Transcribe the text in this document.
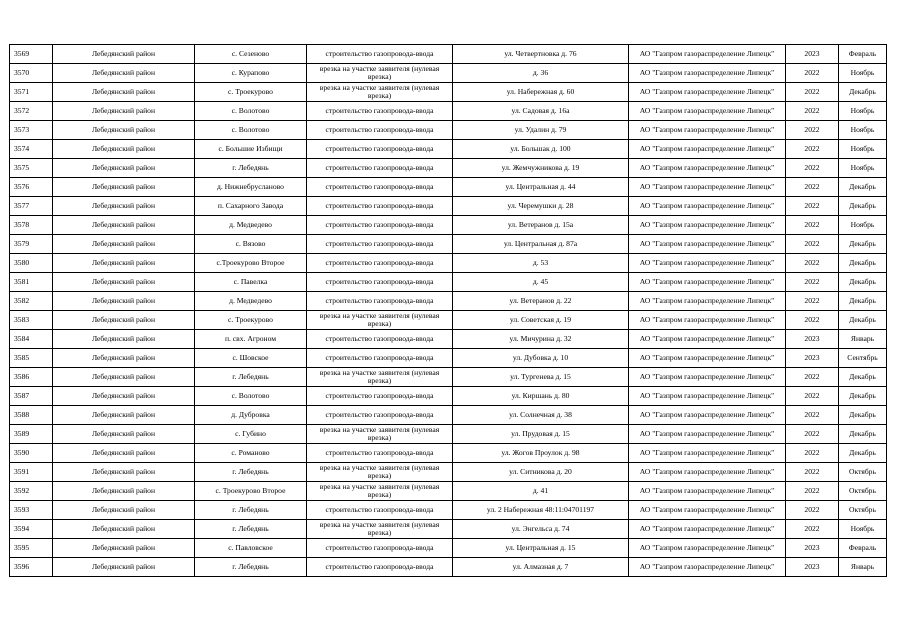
3569	Лебедянский район	с. Сезеново	строительство газопровода-ввода	ул. Четвертновка д. 76	АО "Газпром газораспределение Липецк"	2023	Февраль
3570	Лебедянский район	с. Курапово	врезка на участке заявителя (нулевая врезка)	д. 36	АО "Газпром газораспределение Липецк"	2022	Ноябрь
3571	Лебедянский район	с. Троекурово	врезка на участке заявителя (нулевая врезка)	ул. Набережная д. 60	АО "Газпром газораспределение Липецк"	2022	Декабрь
3572	Лебедянский район	с. Волотово	строительство газопровода-ввода	ул. Садовая д. 16а	АО "Газпром газораспределение Липецк"	2022	Ноябрь
3573	Лебедянский район	с. Волотово	строительство газопровода-ввода	ул. Удалин д. 79	АО "Газпром газораспределение Липецк"	2022	Ноябрь
3574	Лебедянский район	с. Большие Избищи	строительство газопровода-ввода	ул. Большак д. 100	АО "Газпром газораспределение Липецк"	2022	Ноябрь
3575	Лебедянский район	г. Лебедянь	строительство газопровода-ввода	ул. Жемчужникова д. 19	АО "Газпром газораспределение Липецк"	2022	Ноябрь
3576	Лебедянский район	д. Нижнебрусланово	строительство газопровода-ввода	ул. Центральная д. 44	АО "Газпром газораспределение Липецк"	2022	Декабрь
3577	Лебедянский район	п. Сахарного Завода	строительство газопровода-ввода	ул. Черемушки д. 28	АО "Газпром газораспределение Липецк"	2022	Декабрь
3578	Лебедянский район	д. Медведево	строительство газопровода-ввода	ул. Ветеранов д. 15а	АО "Газпром газораспределение Липецк"	2022	Ноябрь
3579	Лебедянский район	с. Вязово	строительство газопровода-ввода	ул. Центральная д. 87а	АО "Газпром газораспределение Липецк"	2022	Декабрь
3580	Лебедянский район	с.Троекурово Второе	строительство газопровода-ввода	д. 53	АО "Газпром газораспределение Липецк"	2022	Декабрь
3581	Лебедянский район	с. Павелка	строительство газопровода-ввода	д. 45	АО "Газпром газораспределение Липецк"	2022	Декабрь
3582	Лебедянский район	д. Медведево	строительство газопровода-ввода	ул. Ветеранов д. 22	АО "Газпром газораспределение Липецк"	2022	Декабрь
3583	Лебедянский район	с. Троекурово	врезка на участке заявителя (нулевая врезка)	ул. Советская д. 19	АО "Газпром газораспределение Липецк"	2022	Декабрь
3584	Лебедянский район	п. свх. Агроном	строительство газопровода-ввода	ул. Мичурина д. 32	АО "Газпром газораспределение Липецк"	2023	Январь
3585	Лебедянский район	с. Шовское	строительство газопровода-ввода	ул. Дубовка д. 10	АО "Газпром газораспределение Липецк"	2023	Сентябрь
3586	Лебедянский район	г. Лебедянь	врезка на участке заявителя (нулевая врезка)	ул. Тургенева д. 15	АО "Газпром газораспределение Липецк"	2022	Декабрь
3587	Лебедянский район	с. Волотово	строительство газопровода-ввода	ул. Киршань д. 80	АО "Газпром газораспределение Липецк"	2022	Декабрь
3588	Лебедянский район	д. Дубровка	строительство газопровода-ввода	ул. Солнечная д. 38	АО "Газпром газораспределение Липецк"	2022	Декабрь
3589	Лебедянский район	с. Губино	врезка на участке заявителя (нулевая врезка)	ул. Прудовая д. 15	АО "Газпром газораспределение Липецк"	2022	Декабрь
3590	Лебедянский район	с. Романово	строительство газопровода-ввода	ул. Жогов Проулок д. 98	АО "Газпром газораспределение Липецк"	2022	Декабрь
3591	Лебедянский район	г. Лебедянь	врезка на участке заявителя (нулевая врезка)	ул. Ситникова д. 20	АО "Газпром газораспределение Липецк"	2022	Октябрь
3592	Лебедянский район	с. Троекурово Второе	врезка на участке заявителя (нулевая врезка)	д. 41	АО "Газпром газораспределение Липецк"	2022	Октябрь
3593	Лебедянский район	г. Лебедянь	строительство газопровода-ввода	ул. 2 Набережная 48:11:04701197	АО "Газпром газораспределение Липецк"	2022	Октябрь
3594	Лебедянский район	г. Лебедянь	врезка на участке заявителя (нулевая врезка)	ул. Энгельса д. 74	АО "Газпром газораспределение Липецк"	2022	Ноябрь
3595	Лебедянский район	с. Павловское	строительство газопровода-ввода	ул. Центральная д. 15	АО "Газпром газораспределение Липецк"	2023	Февраль
3596	Лебедянский район	г. Лебедянь	строительство газопровода-ввода	ул. Алмазная д. 7	АО "Газпром газораспределение Липецк"	2023	Январь
